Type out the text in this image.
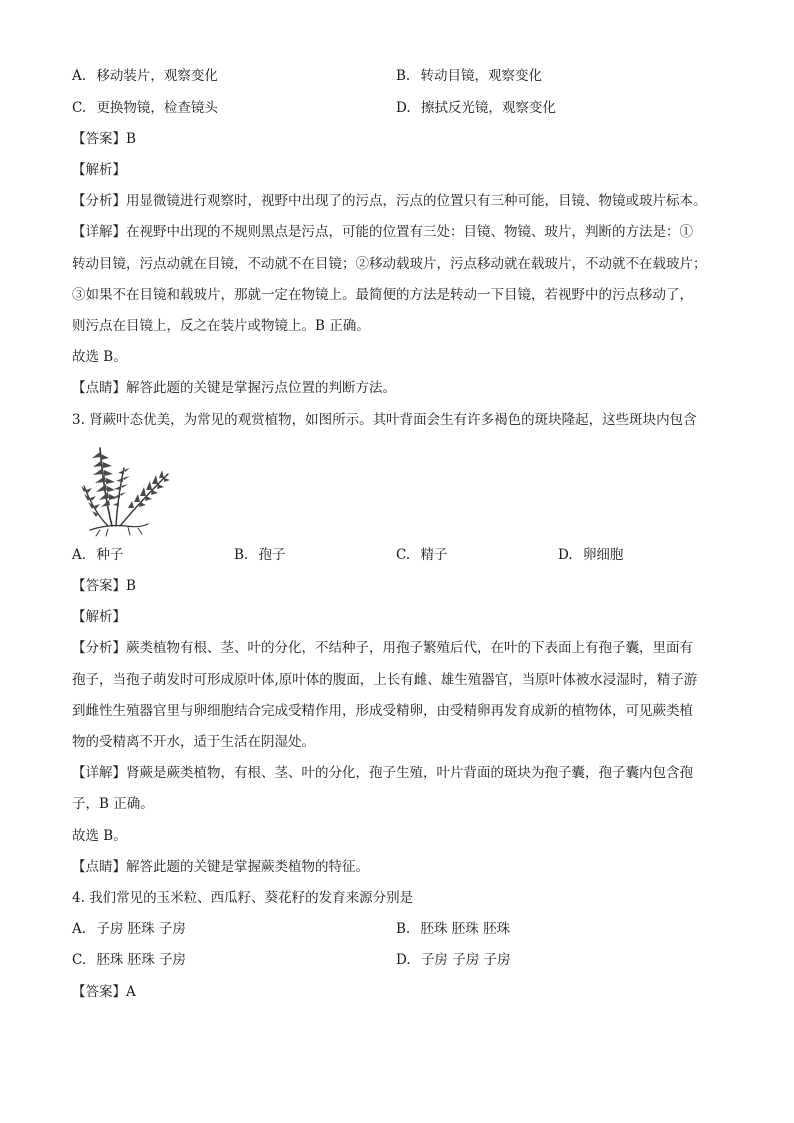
A. 移动装片，观察变化	B. 转动目镜，观察变化
C. 更换物镜，检查镜头	D. 擦拭反光镜，观察变化
【答案】B
【解析】
【分析】用显微镜进行观察时，视野中出现了的污点，污点的位置只有三种可能，目镜、物镜或玻片标本。
【详解】在视野中出现的不规则黑点是污点，可能的位置有三处：目镜、物镜、玻片，判断的方法是：①
转动目镜，污点动就在目镜，不动就不在目镜；②移动载玻片，污点移动就在载玻片，不动就不在载玻片；
③如果不在目镜和载玻片，那就一定在物镜上。最简便的方法是转动一下目镜，若视野中的污点移动了，
则污点在目镜上，反之在装片或物镜上。B 正确。
故选 B。
【点睛】解答此题的关键是掌握污点位置的判断方法。
3. 肾蕨叶态优美，为常见的观赏植物，如图所示。其叶背面会生有许多褐色的斑块隆起，这些斑块内包含
A. 种子	B. 孢子	C. 精子	D. 卵细胞
【答案】B
【解析】
【分析】蕨类植物有根、茎、叶的分化，不结种子，用孢子繁殖后代，在叶的下表面上有孢子囊，里面有
孢子，当孢子萌发时可形成原叶体,原叶体的腹面，上长有雌、雄生殖器官，当原叶体被水浸湿时，精子游
到雌性生殖器官里与卵细胞结合完成受精作用，形成受精卵，由受精卵再发育成新的植物体，可见蕨类植
物的受精离不开水，适于生活在阴湿处。
【详解】肾蕨是蕨类植物，有根、茎、叶的分化，孢子生殖，叶片背面的斑块为孢子囊，孢子囊内包含孢
子，B 正确。
故选 B。
【点睛】解答此题的关键是掌握蕨类植物的特征。
4. 我们常见的玉米粒、西瓜籽、葵花籽的发育来源分别是
A. 子房 胚珠 子房	B. 胚珠 胚珠 胚珠
C. 胚珠 胚珠 子房	D. 子房 子房 子房
【答案】A
